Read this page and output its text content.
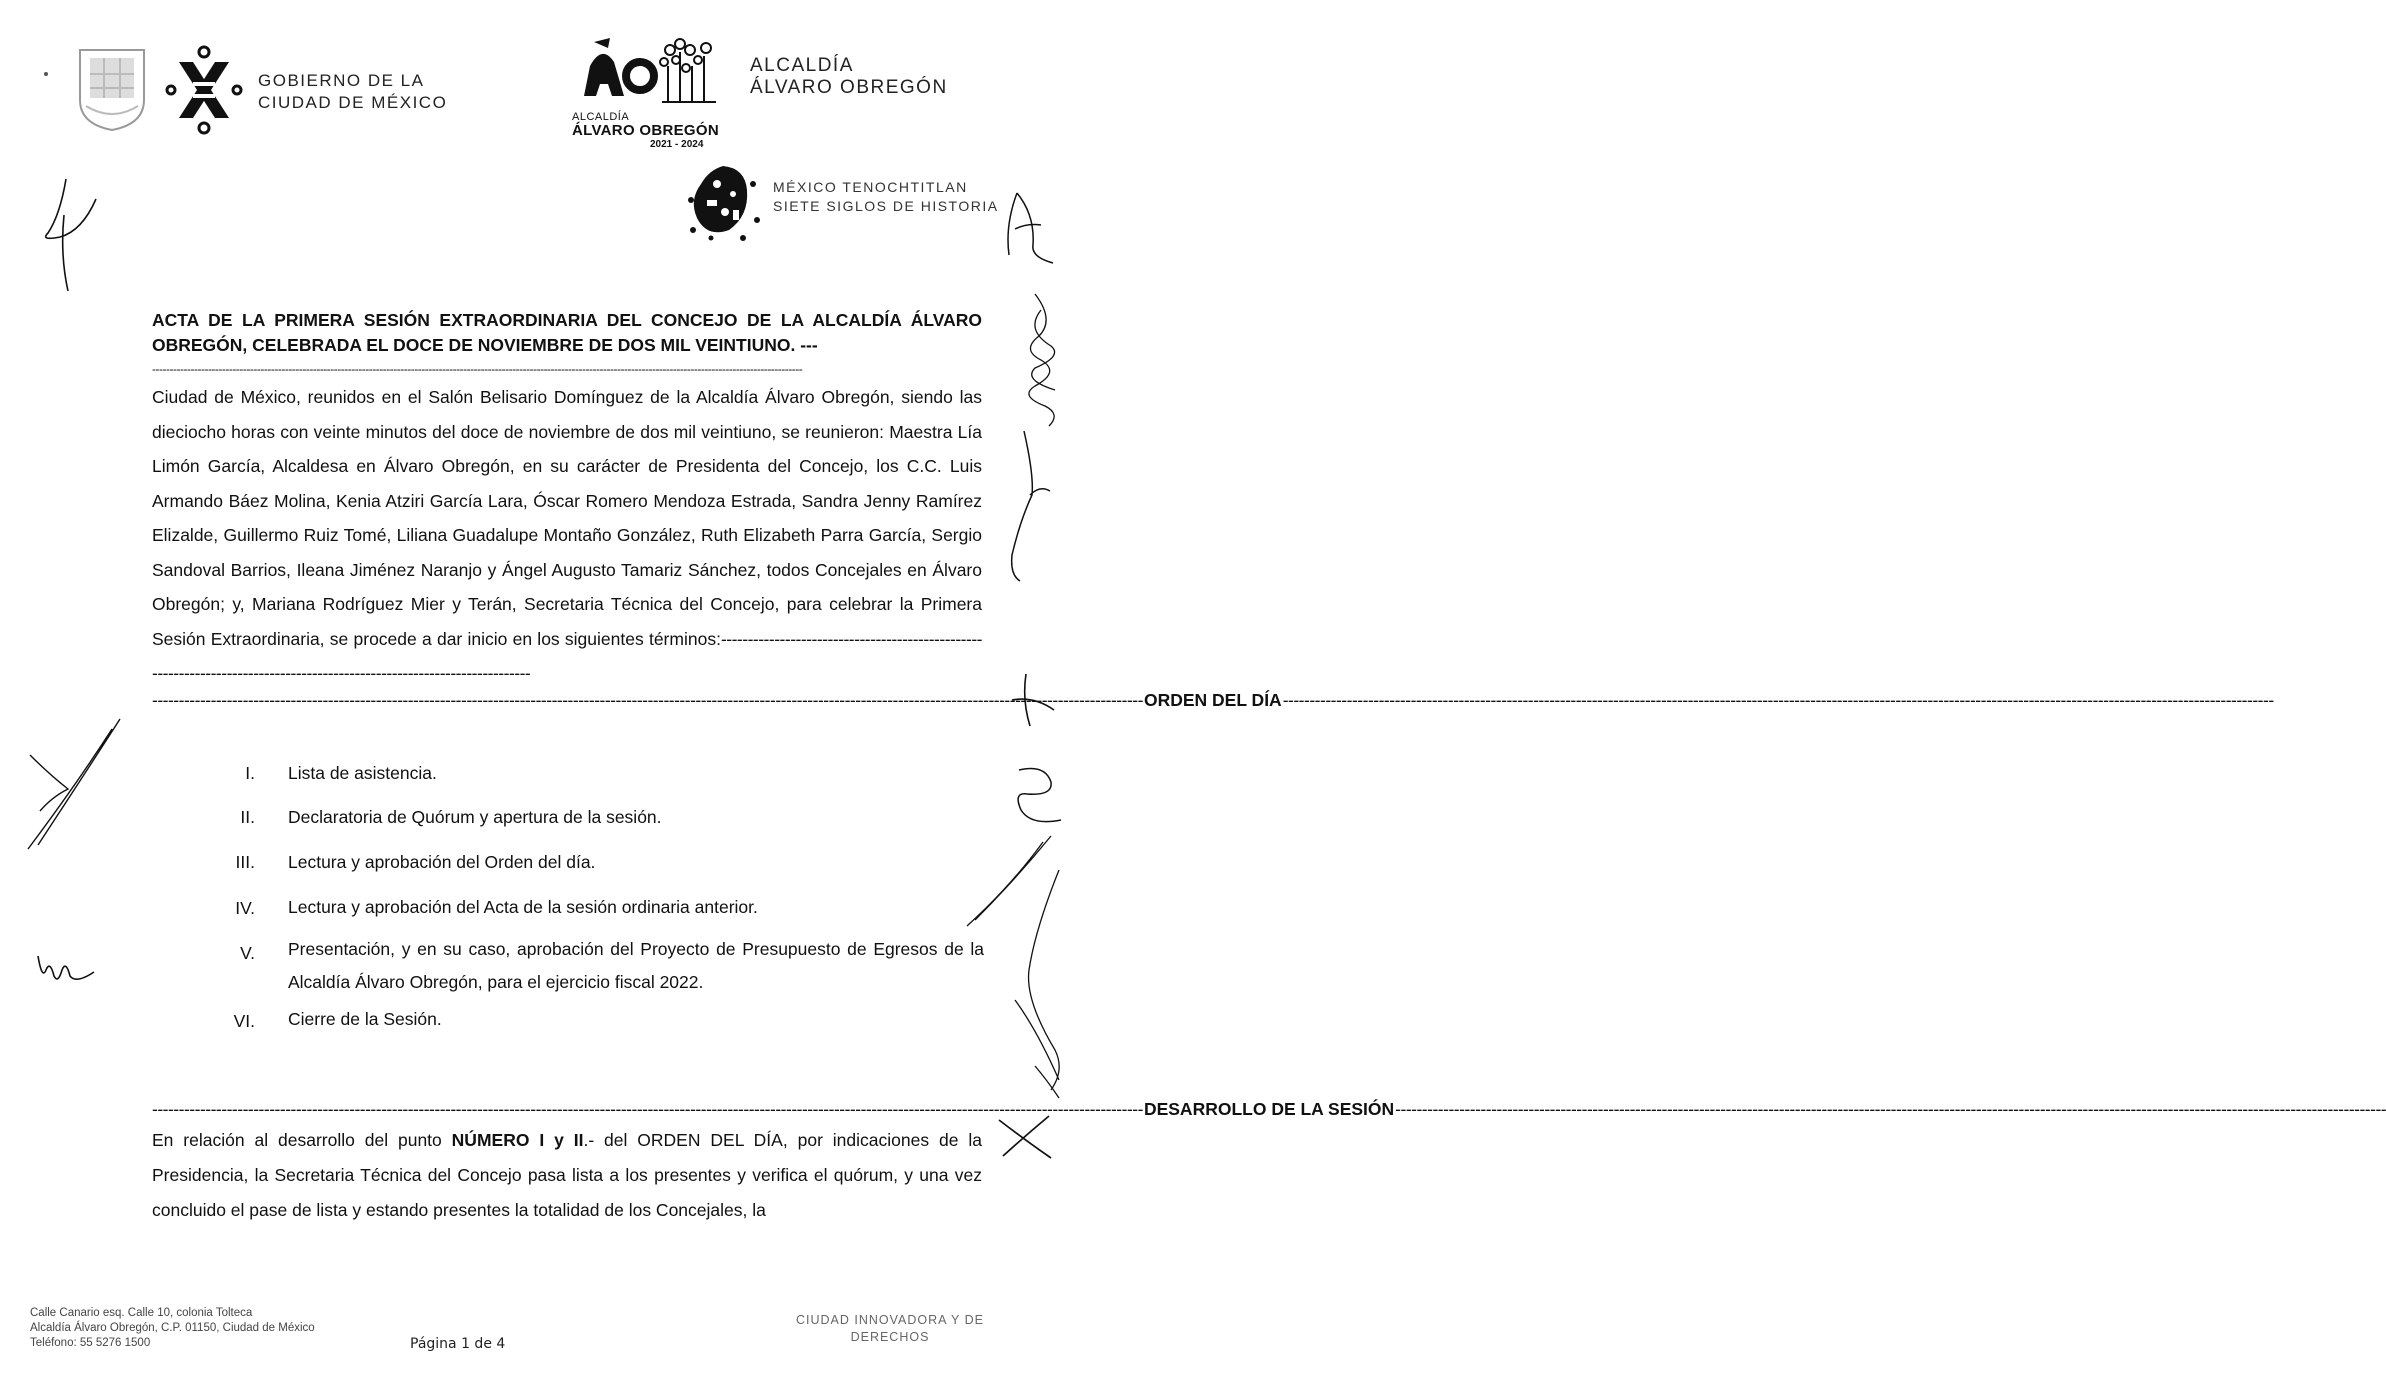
GOBIERNO DE LA
CIUDAD DE MÉXICO
ALCALDÍA
ÁLVARO OBREGÓN
2021 - 2024
ALCALDÍA
ÁLVARO OBREGÓN
MÉXICO TENOCHTITLAN
SIETE SIGLOS DE HISTORIA
ACTA DE LA PRIMERA SESIÓN EXTRAORDINARIA DEL CONCEJO DE LA ALCALDÍA ÁLVARO OBREGÓN, CELEBRADA EL DOCE DE NOVIEMBRE DE DOS MIL VEINTIUNO. ---
------------------------------------------------------------------------------------------------------------------------------------------------------------------------------------------
Ciudad de México, reunidos en el Salón Belisario Domínguez de la Alcaldía Álvaro Obregón, siendo las dieciocho horas con veinte minutos del doce de noviembre de dos mil veintiuno, se reunieron: Maestra Lía Limón García, Alcaldesa en Álvaro Obregón, en su carácter de Presidenta del Concejo, los C.C. Luis Armando Báez Molina, Kenia Atziri García Lara, Óscar Romero Mendoza Estrada, Sandra Jenny Ramírez Elizalde, Guillermo Ruiz Tomé, Liliana Guadalupe Montaño González, Ruth Elizabeth Parra García, Sergio Sandoval Barrios, Ileana Jiménez Naranjo y Ángel Augusto Tamariz Sánchez, todos Concejales en Álvaro Obregón; y, Mariana Rodríguez Mier y Terán, Secretaria Técnica del Concejo, para celebrar la Primera Sesión Extraordinaria, se procede a dar inicio en los siguientes términos:------------------------------------------------------------------------------------------------------------------------
------------------------------------------------------------------------------------------------------------------------------------------------------------------------------------------ ORDEN DEL DÍA ------------------------------------------------------------------------------------------------------------------------------------------------------------------------------------------
I. Lista de asistencia.
II. Declaratoria de Quórum y apertura de la sesión.
III. Lectura y aprobación del Orden del día.
IV. Lectura y aprobación del Acta de la sesión ordinaria anterior.
V. Presentación, y en su caso, aprobación del Proyecto de Presupuesto de Egresos de la Alcaldía Álvaro Obregón, para el ejercicio fiscal 2022.
VI. Cierre de la Sesión.
------------------------------------------------------------------------------------------------------------------------------------------------------------------------------------------ DESARROLLO DE LA SESIÓN ------------------------------------------------------------------------------------------------------------------------------------------------------------------------------------------
En relación al desarrollo del punto NÚMERO I y II.- del ORDEN DEL DÍA, por indicaciones de la Presidencia, la Secretaria Técnica del Concejo pasa lista a los presentes y verifica el quórum, y una vez concluido el pase de lista y estando presentes la totalidad de los Concejales, la
Calle Canario esq. Calle 10, colonia Tolteca
Alcaldía Álvaro Obregón, C.P. 01150, Ciudad de México
Teléfono: 55 5276 1500	Página 1 de 4
CIUDAD INNOVADORA Y DE
DERECHOS
